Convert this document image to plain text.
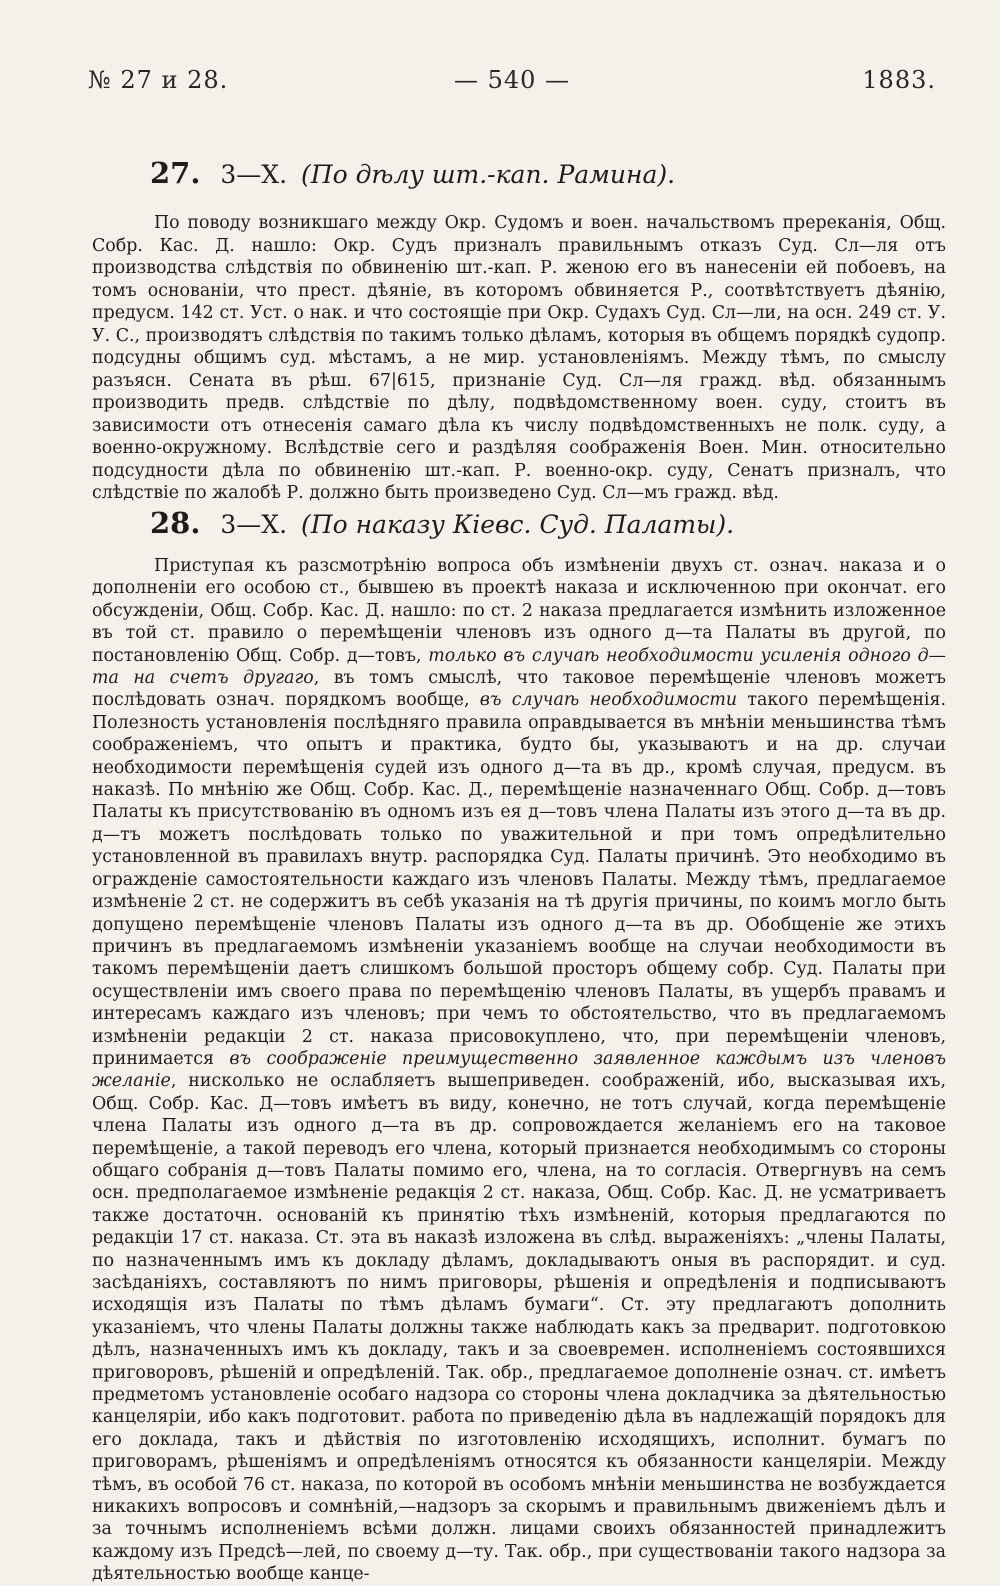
№ 27 и 28.	— 540 —	1883.
27. 3—X. (По дѣлу шт.-кап. Рамина).

По поводу возникшаго между Окр. Судомъ и воен. начальствомъ пререканія, Общ. Собр. Кас. Д. нашло: Окр. Судъ призналъ правильнымъ отказъ Суд. Сл—ля отъ производства слѣдствія по обвиненію шт.-кап. Р. женою его въ нанесеніи ей побоевъ, на томъ основаніи, что прест. дѣяніе, въ которомъ обвиняется Р., соотвѣтствуетъ дѣянію, предусм. 142 ст. Уст. о нак. и что состоящіе при Окр. Судахъ Суд. Сл—ли, на осн. 249 ст. У. У. С., производятъ слѣдствія по такимъ только дѣламъ, которыя въ общемъ порядкѣ судопр. подсудны общимъ суд. мѣстамъ, а не мир. установленіямъ. Между тѣмъ, по смыслу разъясн. Сената въ рѣш. 67|615, признаніе Суд. Сл—ля гражд. вѣд. обязаннымъ производить предв. слѣдствіе по дѣлу, подвѣдомственному воен. суду, стоитъ въ зависимости отъ отнесенія самаго дѣла къ числу подвѣдомственныхъ не полк. суду, а военно-окружному. Вслѣдствіе сего и раздѣляя соображенія Воен. Мин. относительно подсудности дѣла по обвиненію шт.-кап. Р. военно-окр. суду, Сенатъ призналъ, что слѣдствіе по жалобѣ Р. должно быть произведено Суд. Сл—мъ гражд. вѣд.

28. 3—X. (По наказу Кіевс. Суд. Палаты).

Приступая къ разсмотрѣнію вопроса объ измѣненіи двухъ ст. означ. наказа и о дополненіи его особою ст., бывшею въ проектѣ наказа и исключенною при окончат. его обсужденіи, Общ. Собр. Кас. Д. нашло: по ст. 2 наказа предлагается измѣнить изложенное въ той ст. правило о перемѣщеніи членовъ изъ одного д—та Палаты въ другой, по постановленію Общ. Собр. д—товъ, только въ случаѣ необходимости усиленія одного д—та на счетъ другаго, въ томъ смыслѣ, что таковое перемѣщеніе членовъ можетъ послѣдовать означ. порядкомъ вообще, въ случаѣ необходимости такого перемѣщенія. Полезность установленія послѣдняго правила оправдывается въ мнѣніи меньшинства тѣмъ соображеніемъ, что опытъ и практика, будто бы, указываютъ и на др. случаи необходимости перемѣщенія судей изъ одного д—та въ др., кромѣ случая, предусм. въ наказѣ. По мнѣнію же Общ. Собр. Кас. Д., перемѣщеніе назначеннаго Общ. Собр. д—товъ Палаты къ присутствованію въ одномъ изъ ея д—товъ члена Палаты изъ этого д—та въ др. д—тъ можетъ послѣдовать только по уважительной и при томъ опредѣлительно установленной въ правилахъ внутр. распорядка Суд. Палаты причинѣ. Это необходимо въ огражденіе самостоятельности каждаго изъ членовъ Палаты. Между тѣмъ, предлагаемое измѣненіе 2 ст. не содержитъ въ себѣ указанія на тѣ другія причины, по коимъ могло быть допущено перемѣщеніе членовъ Палаты изъ одного д—та въ др. Обобщеніе же этихъ причинъ въ предлагаемомъ измѣненіи указаніемъ вообще на случаи необходимости въ такомъ перемѣщеніи даетъ слишкомъ большой просторъ общему собр. Суд. Палаты при осуществленіи имъ своего права по перемѣщенію членовъ Палаты, въ ущербъ правамъ и интересамъ каждаго изъ членовъ; при чемъ то обстоятельство, что въ предлагаемомъ измѣненіи редакціи 2 ст. наказа присовокуплено, что, при перемѣщеніи членовъ, принимается въ соображеніе преимущественно заявленное каждымъ изъ членовъ желаніе, нисколько не ослабляетъ вышеприведен. соображеній, ибо, высказывая ихъ, Общ. Собр. Кас. Д—товъ имѣетъ въ виду, конечно, не тотъ случай, когда перемѣщеніе члена Палаты изъ одного д—та въ др. сопровождается желаніемъ его на таковое перемѣщеніе, а такой переводъ его члена, который признается необходимымъ со стороны общаго собранія д—товъ Палаты помимо его, члена, на то согласія. Отвергнувъ на семъ осн. предполагаемое измѣненіе редакція 2 ст. наказа, Общ. Собр. Кас. Д. не усматриваетъ также достаточн. основаній къ принятію тѣхъ измѣненій, которыя предлагаются по редакціи 17 ст. наказа. Ст. эта въ наказѣ изложена въ слѣд. выраженіяхъ: „члены Палаты, по назначеннымъ имъ къ докладу дѣламъ, докладываютъ оныя въ распорядит. и суд. засѣданіяхъ, составляютъ по нимъ приговоры, рѣшенія и опредѣленія и подписываютъ исходящія изъ Палаты по тѣмъ дѣламъ бумаги“. Ст. эту предлагаютъ дополнить указаніемъ, что члены Палаты должны также наблюдать какъ за предварит. подготовкою дѣлъ, назначенныхъ имъ къ докладу, такъ и за своевремен. исполненіемъ состоявшихся приговоровъ, рѣшеній и опредѣленій. Так. обр., предлагаемое дополненіе означ. ст. имѣетъ предметомъ установленіе особаго надзора со стороны члена докладчика за дѣятельностью канцеляріи, ибо какъ подготовит. работа по приведенію дѣла въ надлежащій порядокъ для его доклада, такъ и дѣйствія по изготовленію исходящихъ, исполнит. бумагъ по приговорамъ, рѣшеніямъ и опредѣленіямъ относятся къ обязанности канцеляріи. Между тѣмъ, въ особой 76 ст. наказа, по которой въ особомъ мнѣніи меньшинства не возбуждается никакихъ вопросовъ и сомнѣній,—надзоръ за скорымъ и правильнымъ движеніемъ дѣлъ и за точнымъ исполненіемъ всѣми должн. лицами своихъ обязанностей принадлежитъ каждому изъ Предсѣ—лей, по своему д—ту. Так. обр., при существованіи такого надзора за дѣятельностью вообще канце-
